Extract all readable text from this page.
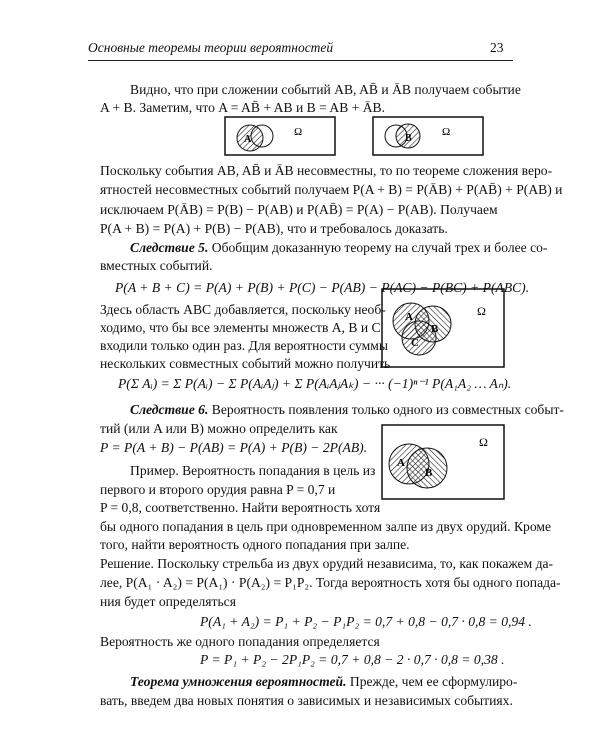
Основные теоремы теории вероятностей	23
Видно, что при сложении событий AB, AB̄ и ĀB получаем событие
A + B. Заметим, что A = AB̄ + AB и B = AB + ĀB.
A
Ω
B
Ω
Поскольку события AB, AB̄ и ĀB несовместны, то по теореме сложения веро-
ятностей несовместных событий получаем P(A + B) = P(ĀB) + P(AB̄) + P(AB) и
исключаем P(ĀB) = P(B) − P(AB) и P(AB̄) = P(A) − P(AB). Получаем
P(A + B) = P(A) + P(B) − P(AB), что и требовалось доказать.
Следствие 5. Обобщим доказанную теорему на случай трех и более со-
вместных событий.
P(A + B + C) = P(A) + P(B) + P(C) − P(AB) − P(AC) − P(BC) + P(ABC).
Здесь область ABC добавляется, поскольку необ-
ходимо, что бы все элементы множеств A, B и C
входили только один раз. Для вероятности суммы
нескольких совместных событий можно получить
A
B
C
Ω
P(Σ Aᵢ) = Σ P(Aᵢ) − Σ P(AᵢAⱼ) + Σ P(AᵢAⱼAₖ) − ··· (−1)ⁿ⁻¹ P(A₁A₂ … Aₙ).
Следствие 6. Вероятность появления только одного из совместных событ-
тий (или A или B) можно определить как
P = P(A + B) − P(AB) = P(A) + P(B) − 2P(AB).
A
B
Ω
Пример. Вероятность попадания в цель из
первого и второго орудия равна P = 0,7 и
P = 0,8, соответственно. Найти вероятность хотя
бы одного попадания в цель при одновременном залпе из двух орудий. Кроме
того, найти вероятность одного попадания при залпе.
Решение. Поскольку стрельба из двух орудий независима, то, как покажем да-
лее, P(A₁ · A₂) = P(A₁) · P(A₂) = P₁P₂. Тогда вероятность хотя бы одного попада-
ния будет определяться
P(A₁ + A₂) = P₁ + P₂ − P₁P₂ = 0,7 + 0,8 − 0,7 · 0,8 = 0,94 .
Вероятность же одного попадания определяется
P = P₁ + P₂ − 2P₁P₂ = 0,7 + 0,8 − 2 · 0,7 · 0,8 = 0,38 .
Теорема умножения вероятностей. Прежде, чем ее сформулиро-
вать, введем два новых понятия о зависимых и независимых событиях.
